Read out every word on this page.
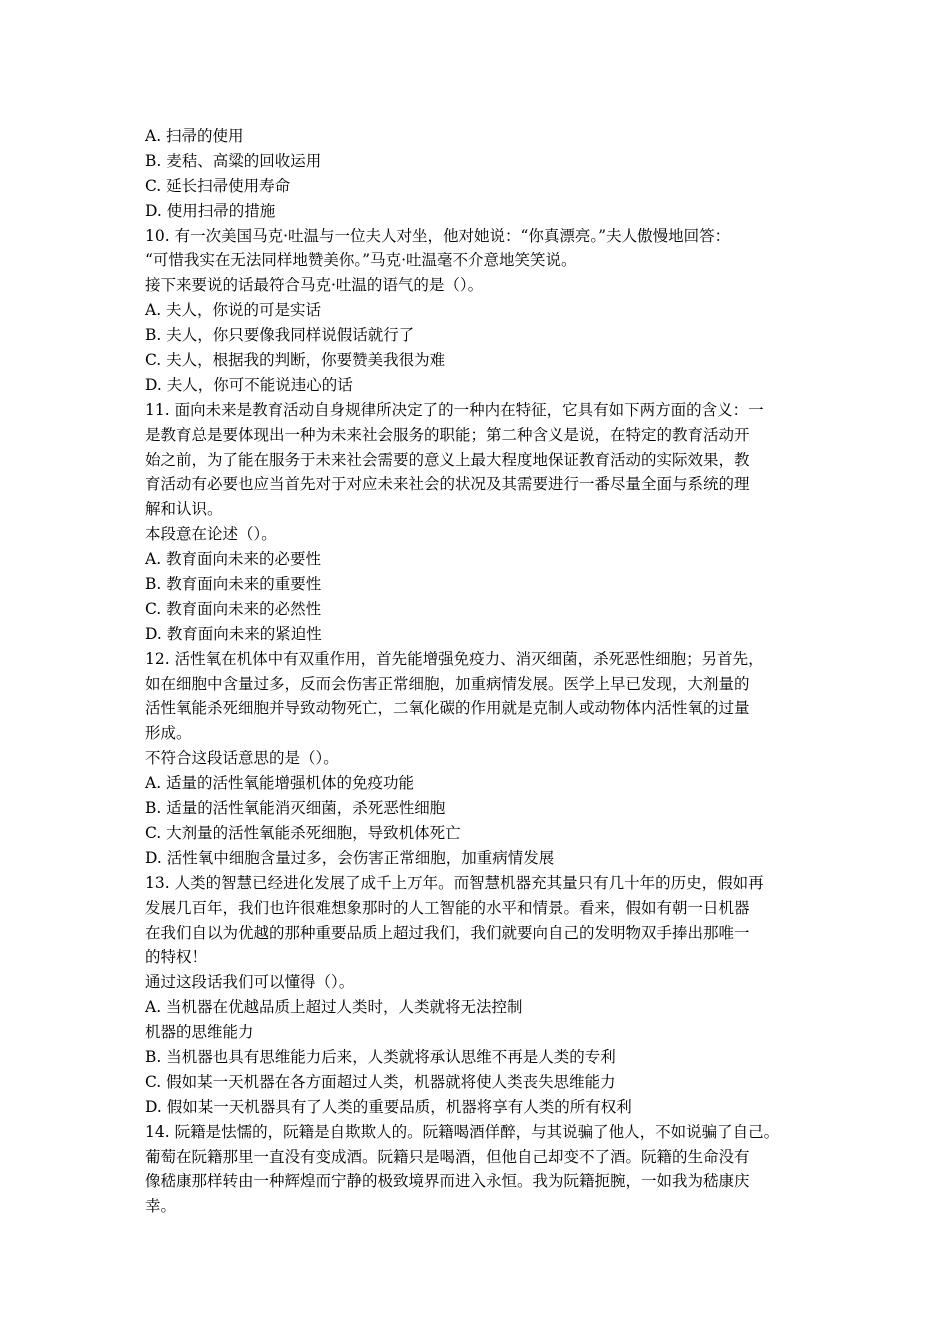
A. 扫帚的使用
B. 麦秸、高粱的回收运用
C. 延长扫帚使用寿命
D. 使用扫帚的措施
10. 有一次美国马克·吐温与一位夫人对坐，他对她说：“你真漂亮。”夫人傲慢地回答：
“可惜我实在无法同样地赞美你。”马克·吐温毫不介意地笑笑说。
接下来要说的话最符合马克·吐温的语气的是（）。
A. 夫人，你说的可是实话
B. 夫人，你只要像我同样说假话就行了
C. 夫人，根据我的判断，你要赞美我很为难
D. 夫人，你可不能说违心的话
11. 面向未来是教育活动自身规律所决定了的一种内在特征，它具有如下两方面的含义：一
是教育总是要体现出一种为未来社会服务的职能；第二种含义是说，在特定的教育活动开
始之前，为了能在服务于未来社会需要的意义上最大程度地保证教育活动的实际效果，教
育活动有必要也应当首先对于对应未来社会的状况及其需要进行一番尽量全面与系统的理
解和认识。
本段意在论述（）。
A. 教育面向未来的必要性
B. 教育面向未来的重要性
C. 教育面向未来的必然性
D. 教育面向未来的紧迫性
12. 活性氧在机体中有双重作用，首先能增强免疫力、消灭细菌，杀死恶性细胞；另首先，
如在细胞中含量过多，反而会伤害正常细胞，加重病情发展。医学上早已发现，大剂量的
活性氧能杀死细胞并导致动物死亡，二氧化碳的作用就是克制人或动物体内活性氧的过量
形成。
不符合这段话意思的是（）。
A. 适量的活性氧能增强机体的免疫功能
B. 适量的活性氧能消灭细菌，杀死恶性细胞
C. 大剂量的活性氧能杀死细胞，导致机体死亡
D. 活性氧中细胞含量过多，会伤害正常细胞，加重病情发展
13. 人类的智慧已经进化发展了成千上万年。而智慧机器充其量只有几十年的历史，假如再
发展几百年，我们也许很难想象那时的人工智能的水平和情景。看来，假如有朝一日机器
在我们自以为优越的那种重要品质上超过我们，我们就要向自己的发明物双手捧出那唯一
的特权！
通过这段话我们可以懂得（）。
A. 当机器在优越品质上超过人类时，人类就将无法控制
机器的思维能力
B. 当机器也具有思维能力后来，人类就将承认思维不再是人类的专利
C. 假如某一天机器在各方面超过人类，机器就将使人类丧失思维能力
D. 假如某一天机器具有了人类的重要品质，机器将享有人类的所有权利
14. 阮籍是怯懦的，阮籍是自欺欺人的。阮籍喝酒佯醉，与其说骗了他人，不如说骗了自己。
葡萄在阮籍那里一直没有变成酒。阮籍只是喝酒，但他自己却变不了酒。阮籍的生命没有
像嵇康那样转由一种辉煌而宁静的极致境界而进入永恒。我为阮籍扼腕，一如我为嵇康庆
幸。
